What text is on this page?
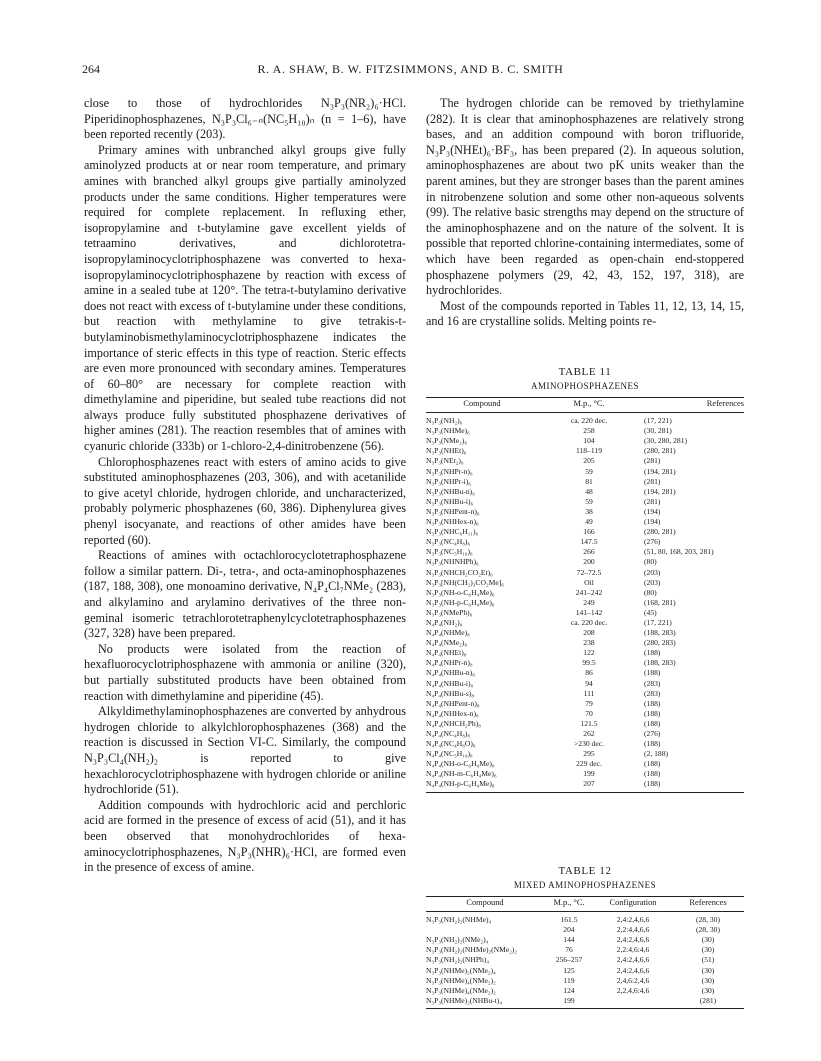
264	R. A. SHAW, B. W. FITZSIMMONS, AND B. C. SMITH

close to those of hydrochlorides N₃P₃(NR₂)₆·HCl. Piperidinophosphazenes, N₃P₃Cl₆₋ₙ(NC₅H₁₀)ₙ (n = 1–6), have been reported recently (203).

Primary amines with unbranched alkyl groups give fully aminolyzed products at or near room temperature, and primary amines with branched alkyl groups give partially aminolyzed products under the same conditions. Higher temperatures were required for complete replacement. In refluxing ether, isopropylamine and t-butylamine gave excellent yields of tetraamino derivatives, and dichlorotetra-isopropylaminocyclotriphosphazene was converted to hexa-isopropylaminocyclotriphosphazene by reaction with excess of amine in a sealed tube at 120°. The tetra-t-butylamino derivative does not react with excess of t-butylamine under these conditions, but reaction with methylamine to give tetrakis-t-butylaminobismethylaminocyclotriphosphazene indicates the importance of steric effects in this type of reaction. Steric effects are even more pronounced with secondary amines. Temperatures of 60–80° are necessary for complete reaction with dimethylamine and piperidine, but sealed tube reactions did not always produce fully substituted phosphazene derivatives of higher amines (281). The reaction resembles that of amines with cyanuric chloride (333b) or 1-chloro-2,4-dinitrobenzene (56).

Chlorophosphazenes react with esters of amino acids to give substituted aminophosphazenes (203, 306), and with acetanilide to give acetyl chloride, hydrogen chloride, and uncharacterized, probably polymeric phosphazenes (60, 386). Diphenylurea gives phenyl isocyanate, and reactions of other amides have been reported (60).

Reactions of amines with octachlorocyclotetraphosphazene follow a similar pattern. Di-, tetra-, and octa-aminophosphazenes (187, 188, 308), one monoamino derivative, N₄P₄Cl₇NMe₂ (283), and alkylamino and arylamino derivatives of the three non-geminal isomeric tetrachlorotetraphenylcyclotetraphosphazenes (327, 328) have been prepared.

No products were isolated from the reaction of hexafluorocyclotriphosphazene with ammonia or aniline (320), but partially substituted products have been obtained from reaction with dimethylamine and piperidine (45).

Alkyldimethylaminophosphazenes are converted by anhydrous hydrogen chloride to alkylchlorophosphazenes (368) and the reaction is discussed in Section VI-C. Similarly, the compound N₃P₃Cl₄(NH₂)₂ is reported to give hexachlorocyclotriphosphazene with hydrogen chloride or aniline hydrochloride (51).

Addition compounds with hydrochloric acid and perchloric acid are formed in the presence of excess of acid (51), and it has been observed that monohydrochlorides of hexa-aminocyclotriphosphazenes, N₃P₃(NHR)₆·HCl, are formed even in the presence of excess of amine.

The hydrogen chloride can be removed by triethylamine (282). It is clear that aminophosphazenes are relatively strong bases, and an addition compound with boron trifluoride, N₃P₃(NHEt)₆·BF₃, has been prepared (2). In aqueous solution, aminophosphazenes are about two pK units weaker than the parent amines, but they are stronger bases than the parent amines in nitrobenzene solution and some other non-aqueous solvents (99). The relative basic strengths may depend on the structure of the aminophosphazene and on the nature of the solvent. It is possible that reported chlorine-containing intermediates, some of which have been regarded as open-chain end-stoppered phosphazene polymers (29, 42, 43, 152, 197, 318), are hydrochlorides.

Most of the compounds reported in Tables 11, 12, 13, 14, 15, and 16 are crystalline solids. Melting points re-

TABLE 11
AMINOPHOSPHAZENES
Compound	M.p., °C.	References
N₃P₃(NH₂)₆	ca. 220 dec.	(17, 221)
N₃P₃(NHMe)₆	258	(30, 281)
N₃P₃(NMe₂)₆	104	(30, 280, 281)
N₃P₃(NHEt)₆	118–119	(280, 281)
N₃P₃(NEt₂)₆	205	(281)
N₃P₃(NHPr-n)₆	59	(194, 281)
N₃P₃(NHPr-i)₆	81	(281)
N₃P₃(NHBu-n)₆	48	(194, 281)
N₃P₃(NHBu-i)₆	59	(281)
N₃P₃(NHPent-n)₆	38	(194)
N₃P₃(NHHex-n)₆	49	(194)
N₃P₃(NHC₆H₁₁)₆	166	(280, 281)
N₃P₃(NC₄H₈)₆	147.5	(276)
N₃P₃(NC₅H₁₀)₆	266	(51, 80, 168, 203, 281)
N₃P₃(NHNHPh)₆	200	(80)
N₃P₃(NHCH₂CO₂Et)₆	72–72.5	(203)
N₃P₃[NH(CH₂)₃CO₂Me]₆	Oil	(203)
N₃P₃(NH-o-C₆H₄Me)₆	241–242	(80)
N₃P₃(NH-p-C₆H₄Me)₆	249	(168, 281)
N₃P₃(NMePh)₆	141–142	(45)
N₄P₄(NH₂)₈	ca. 220 dec.	(17, 221)
N₄P₄(NHMe)₈	208	(188, 283)
N₄P₄(NMe₂)₈	238	(280, 283)
N₄P₄(NHEt)₈	122	(188)
N₄P₄(NHPr-n)₈	99.5	(188, 283)
N₄P₄(NHBu-n)₈	86	(188)
N₄P₄(NHBu-i)₈	94	(283)
N₄P₄(NHBu-s)₈	111	(283)
N₄P₄(NHPent-n)₈	79	(188)
N₄P₄(NHHex-n)₈	70	(188)
N₄P₄(NHCH₂Ph)₈	121.5	(188)
N₄P₄(NC₄H₈)₈	262	(276)
N₄P₄(NC₄H₈O)₈	>230 dec.	(188)
N₄P₄(NC₅H₁₀)₈	295	(2, 188)
N₄P₄(NH-o-C₆H₄Me)₈	229 dec.	(188)
N₄P₄(NH-m-C₆H₄Me)₈	199	(188)
N₄P₄(NH-p-C₆H₄Me)₈	207	(188)
TABLE 12
MIXED AMINOPHOSPHAZENES
Compound	M.p., °C.	Configuration	References
N₃P₃(NH₂)₂(NHMe)₄	161.5	2,4:2,4,6,6	(28, 30)
	204	2,2:4,4,6,6	(28, 30)
N₃P₃(NH₂)₂(NMe₂)₄	144	2,4:2,4,6,6	(30)
N₃P₃(NH₂)₂(NHMe)₂(NMe₂)₂	76	2,2:4,6:4,6	(30)
N₃P₃(NH₂)₂(NHPh)₄	256–257	2,4:2,4,6,6	(51)
N₃P₃(NHMe)₂(NMe₂)₄	125	2,4:2,4,6,6	(30)
N₃P₃(NHMe)₄(NMe₂)₂	119	2,4,6:2,4,6	(30)
N₃P₃(NHMe)₄(NMe₂)₂	124	2,2,4,6:4,6	(30)
N₃P₃(NHMe)₂(NHBu-t)₄	199		(281)
